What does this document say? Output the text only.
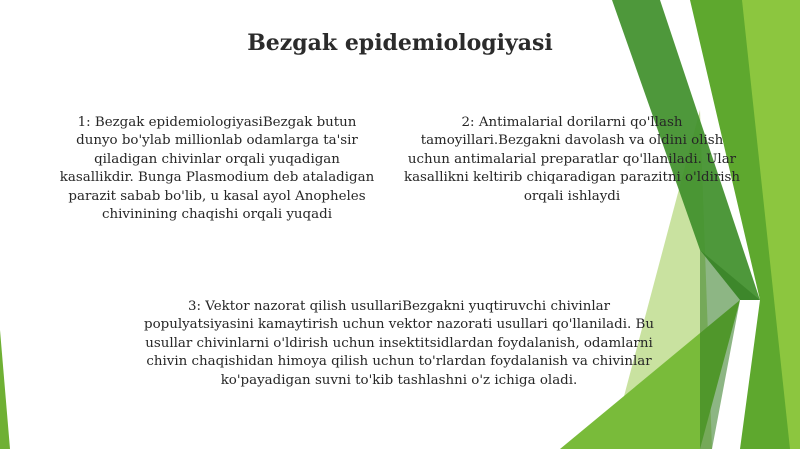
Bezgak epidemiologiyasi

1: Bezgak epidemiologiyasiBezgak butun dunyo bo'ylab millionlab odamlarga ta'sir qiladigan chivinlar orqali yuqadigan kasallikdir. Bunga Plasmodium deb ataladigan parazit sabab bo'lib, u kasal ayol Anopheles chivinining chaqishi orqali yuqadi

2: Antimalarial dorilarni qo'llash tamoyillari.Bezgakni davolash va oldini olish uchun antimalarial preparatlar qo'llaniladi. Ular kasallikni keltirib chiqaradigan parazitni o'ldirish orqali ishlaydi

3: Vektor nazorat qilish usullariBezgakni yuqtiruvchi chivinlar populyatsiyasini kamaytirish uchun vektor nazorati usullari qo'llaniladi. Bu usullar chivinlarni o'ldirish uchun insektitsidlardan foydalanish, odamlarni chivin chaqishidan himoya qilish uchun to'rlardan foydalanish va chivinlar ko'payadigan suvni to'kib tashlashni o'z ichiga oladi.
